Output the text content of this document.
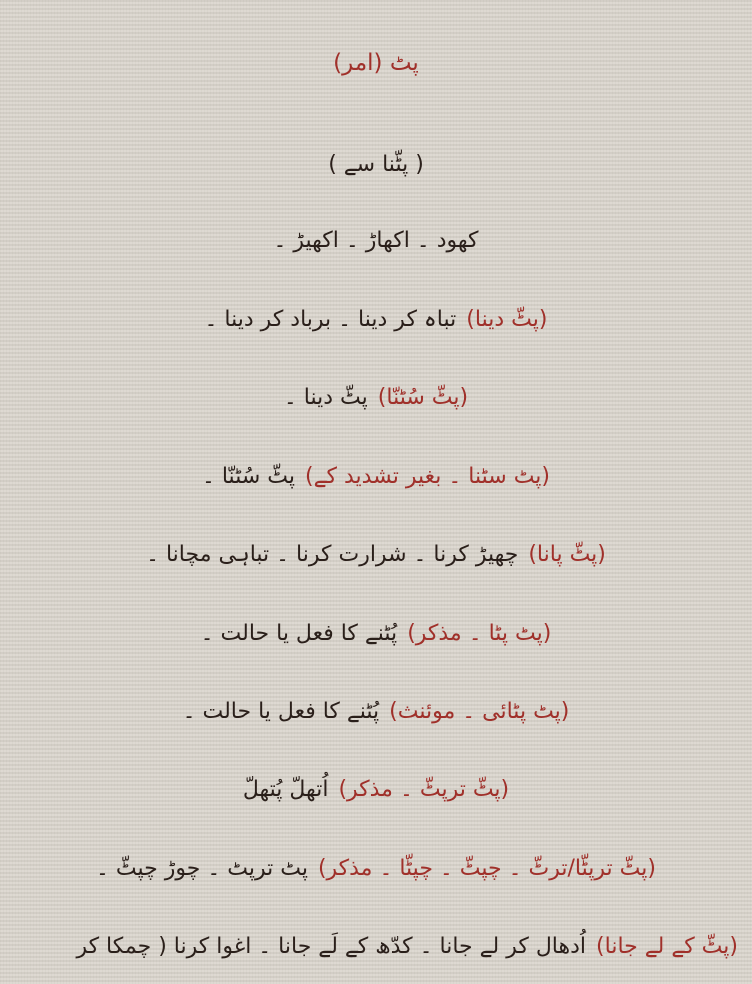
پٹ (امر)
( پٹّنا سے )
کھود ۔ اکھاڑ ۔ اکھیڑ ۔
(پٹّ دینا)تباہ کر دینا ۔ برباد کر دینا ۔
(پٹّ سُٹنّا)پٹّ دینا ۔
(پٹ سٹنا ۔ بغیر تشدید کے)پٹّ سُٹنّا ۔
(پٹّ پانا)چھیڑ کرنا ۔ شرارت کرنا ۔ تباہی مچانا ۔
(پٹ پٹا ۔ مذکر)پُٹنے کا فعل یا حالت ۔
(پٹ پٹائی ۔ موئنث)پُٹنے کا فعل یا حالت ۔
(پٹّ ترپٹّ ۔ مذکر)اُتھلّ پُتھلّ
(پٹّ ترپٹّا/ترٹّ ۔ چپٹّ ۔ چپٹّا ۔ مذکر)پٹ ترپٹ ۔ چوڑ چپٹّ ۔
(پٹّ کے لے جانا)اُدھال کر لے جانا ۔ کدّھ کے لَے جانا ۔ اغوا کرنا ( چمکا کر
